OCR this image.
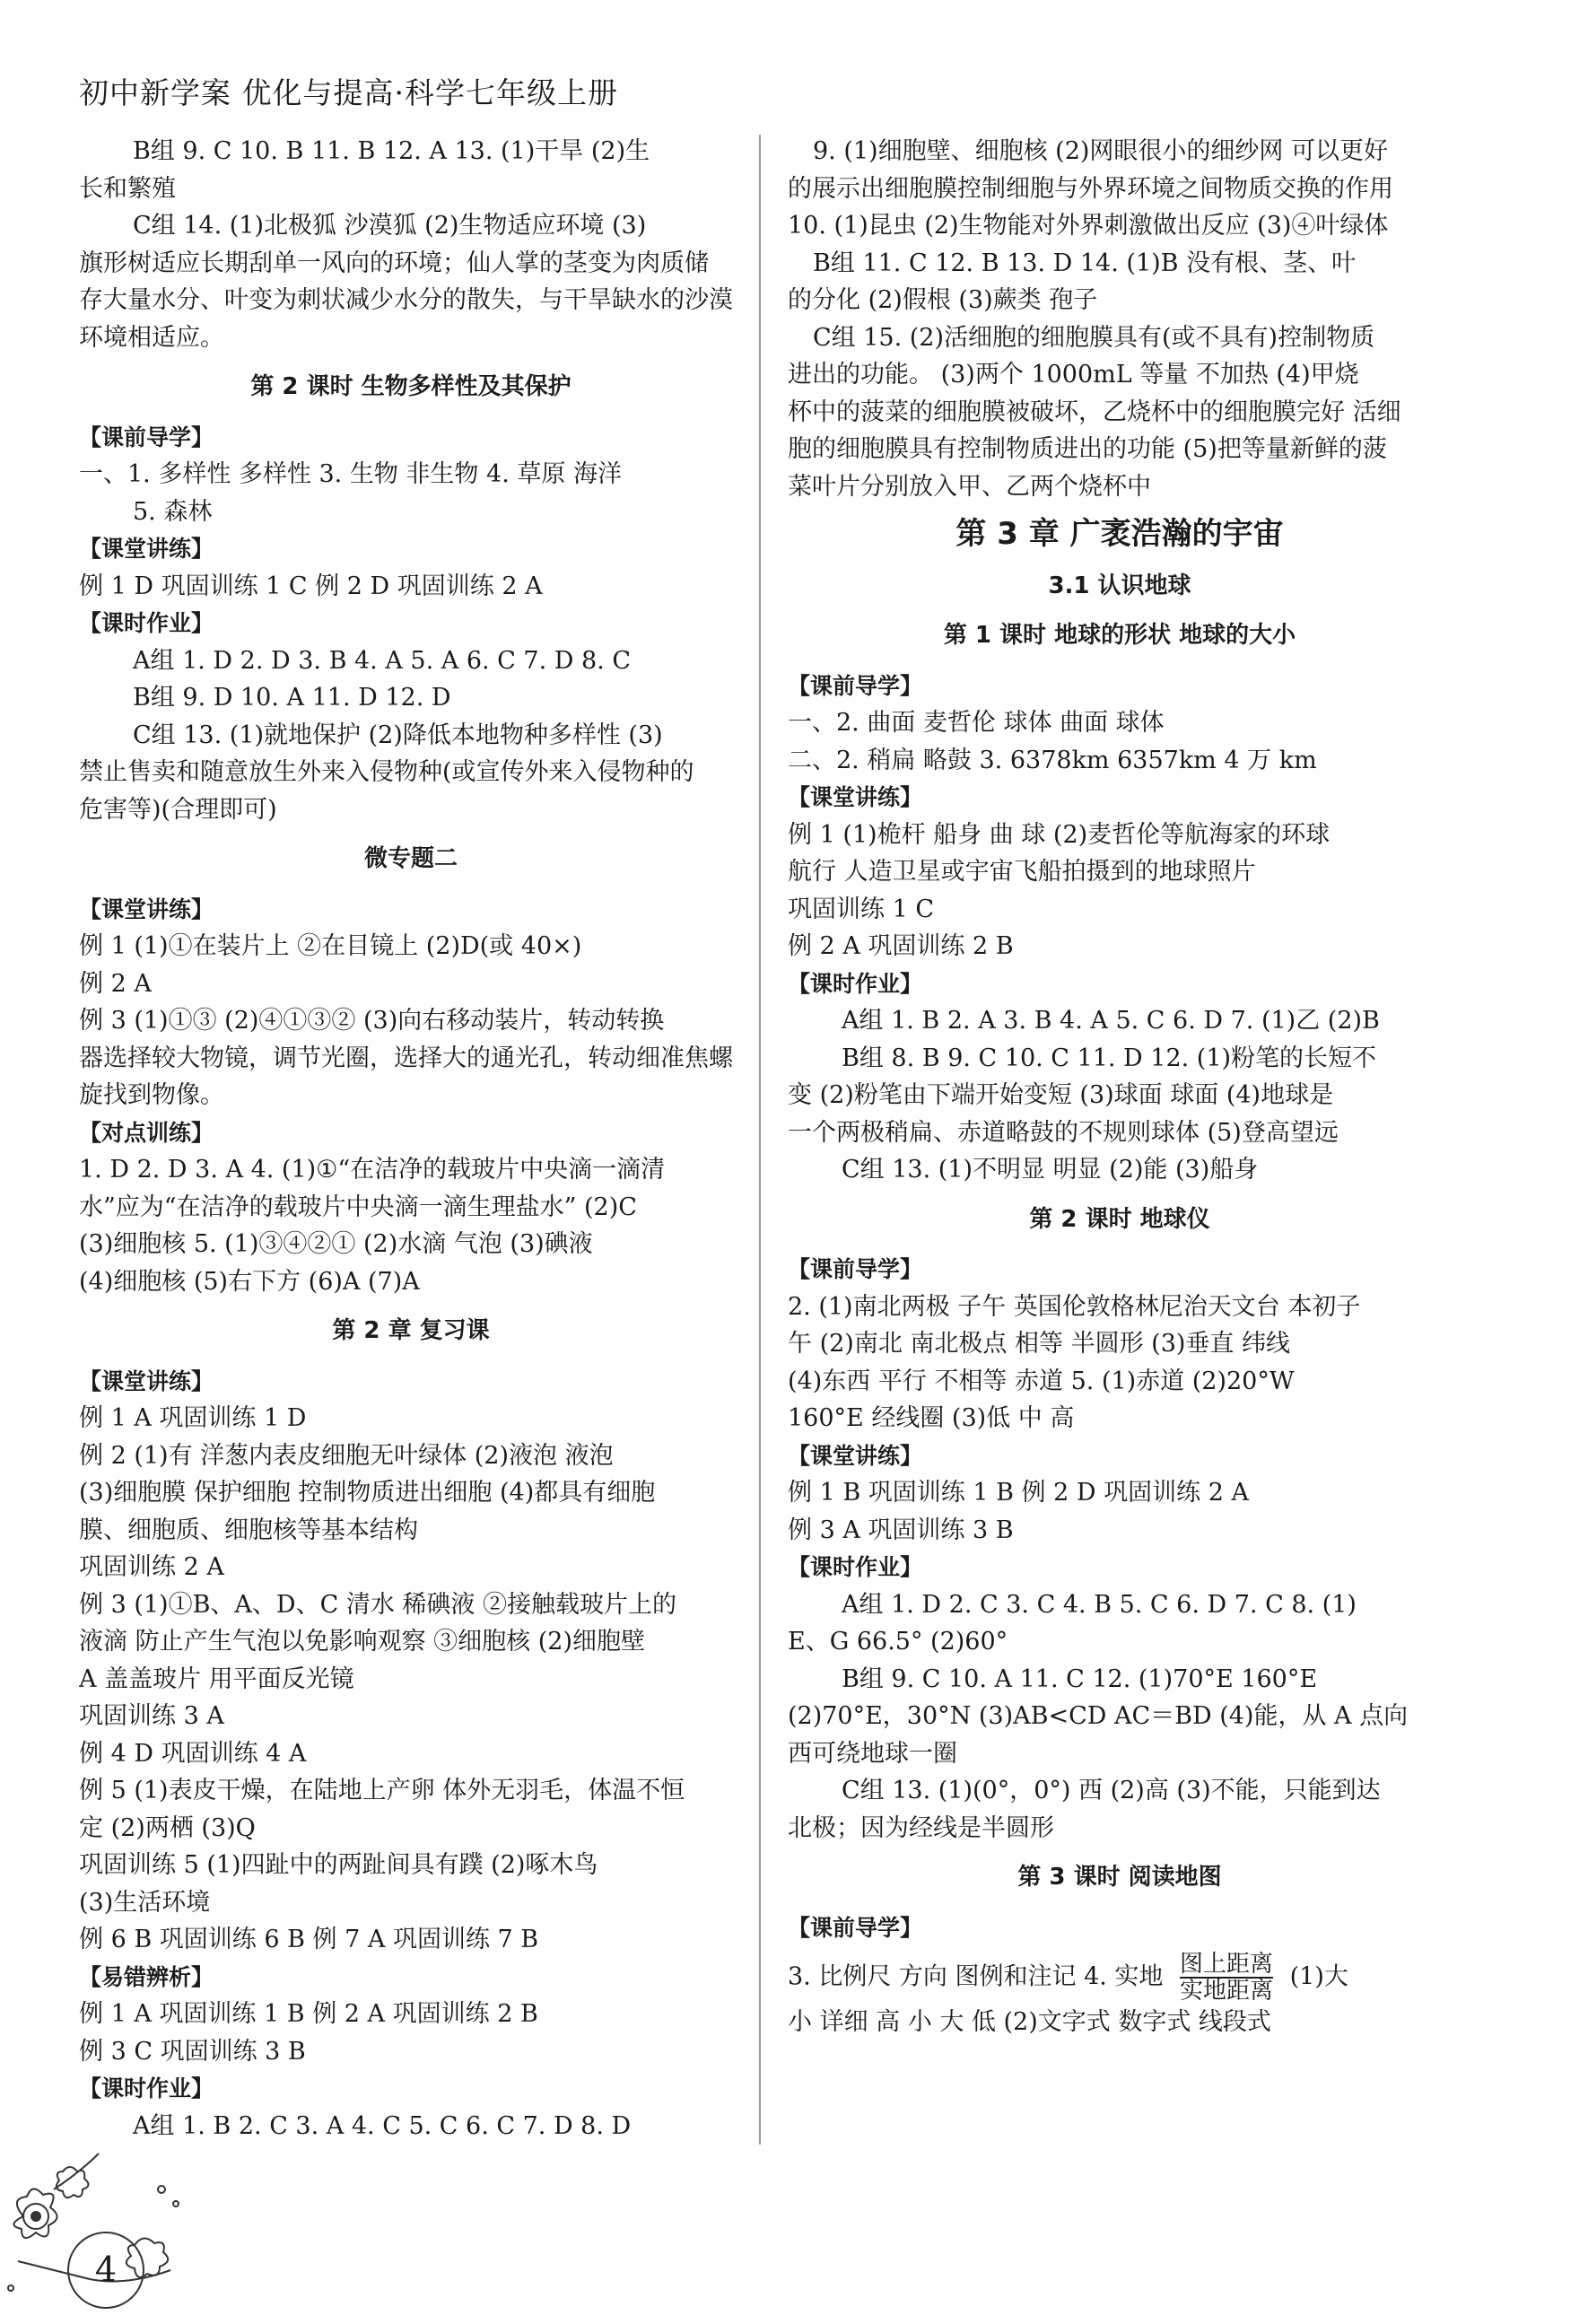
初中新学案 优化与提高·科学七年级上册

B组 9. C 10. B 11. B 12. A 13. (1)干旱 (2)生

长和繁殖

C组 14. (1)北极狐 沙漠狐 (2)生物适应环境 (3)

旗形树适应长期刮单一风向的环境；仙人掌的茎变为肉质储

存大量水分、叶变为刺状减少水分的散失，与干旱缺水的沙漠

环境相适应。

第 2 课时 生物多样性及其保护
【课前导学】

一、1. 多样性 多样性 3. 生物 非生物 4. 草原 海洋

5. 森林

【课堂讲练】

例 1 D 巩固训练 1 C 例 2 D 巩固训练 2 A

【课时作业】

A组 1. D 2. D 3. B 4. A 5. A 6. C 7. D 8. C

B组 9. D 10. A 11. D 12. D

C组 13. (1)就地保护 (2)降低本地物种多样性 (3)

禁止售卖和随意放生外来入侵物种(或宣传外来入侵物种的

危害等)(合理即可)

微专题二
【课堂讲练】

例 1 (1)①在装片上 ②在目镜上 (2)D(或 40×)

例 2 A

例 3 (1)①③ (2)④①③② (3)向右移动装片，转动转换

器选择较大物镜，调节光圈，选择大的通光孔，转动细准焦螺

旋找到物像。

【对点训练】

1. D 2. D 3. A 4. (1)①“在洁净的载玻片中央滴一滴清

水”应为“在洁净的载玻片中央滴一滴生理盐水” (2)C

(3)细胞核 5. (1)③④②① (2)水滴 气泡 (3)碘液

(4)细胞核 (5)右下方 (6)A (7)A

第 2 章 复习课
【课堂讲练】

例 1 A 巩固训练 1 D

例 2 (1)有 洋葱内表皮细胞无叶绿体 (2)液泡 液泡

(3)细胞膜 保护细胞 控制物质进出细胞 (4)都具有细胞

膜、细胞质、细胞核等基本结构

巩固训练 2 A

例 3 (1)①B、A、D、C 清水 稀碘液 ②接触载玻片上的

液滴 防止产生气泡以免影响观察 ③细胞核 (2)细胞壁

A 盖盖玻片 用平面反光镜

巩固训练 3 A

例 4 D 巩固训练 4 A

例 5 (1)表皮干燥，在陆地上产卵 体外无羽毛，体温不恒

定 (2)两栖 (3)Q

巩固训练 5 (1)四趾中的两趾间具有蹼 (2)啄木鸟

(3)生活环境

例 6 B 巩固训练 6 B 例 7 A 巩固训练 7 B

【易错辨析】

例 1 A 巩固训练 1 B 例 2 A 巩固训练 2 B

例 3 C 巩固训练 3 B

【课时作业】

A组 1. B 2. C 3. A 4. C 5. C 6. C 7. D 8. D

9. (1)细胞壁、细胞核 (2)网眼很小的细纱网 可以更好

的展示出细胞膜控制细胞与外界环境之间物质交换的作用

10. (1)昆虫 (2)生物能对外界刺激做出反应 (3)④叶绿体

B组 11. C 12. B 13. D 14. (1)B 没有根、茎、叶

的分化 (2)假根 (3)蕨类 孢子

C组 15. (2)活细胞的细胞膜具有(或不具有)控制物质

进出的功能。 (3)两个 1000mL 等量 不加热 (4)甲烧

杯中的菠菜的细胞膜被破坏，乙烧杯中的细胞膜完好 活细

胞的细胞膜具有控制物质进出的功能 (5)把等量新鲜的菠

菜叶片分别放入甲、乙两个烧杯中

第 3 章 广袤浩瀚的宇宙
3.1 认识地球
第 1 课时 地球的形状 地球的大小
【课前导学】

一、2. 曲面 麦哲伦 球体 曲面 球体

二、2. 稍扁 略鼓 3. 6378km 6357km 4 万 km

【课堂讲练】

例 1 (1)桅杆 船身 曲 球 (2)麦哲伦等航海家的环球

航行 人造卫星或宇宙飞船拍摄到的地球照片

巩固训练 1 C

例 2 A 巩固训练 2 B

【课时作业】

A组 1. B 2. A 3. B 4. A 5. C 6. D 7. (1)乙 (2)B

B组 8. B 9. C 10. C 11. D 12. (1)粉笔的长短不

变 (2)粉笔由下端开始变短 (3)球面 球面 (4)地球是

一个两极稍扁、赤道略鼓的不规则球体 (5)登高望远

C组 13. (1)不明显 明显 (2)能 (3)船身

第 2 课时 地球仪
【课前导学】

2. (1)南北两极 子午 英国伦敦格林尼治天文台 本初子

午 (2)南北 南北极点 相等 半圆形 (3)垂直 纬线

(4)东西 平行 不相等 赤道 5. (1)赤道 (2)20°W

160°E 经线圈 (3)低 中 高

【课堂讲练】

例 1 B 巩固训练 1 B 例 2 D 巩固训练 2 A

例 3 A 巩固训练 3 B

【课时作业】

A组 1. D 2. C 3. C 4. B 5. C 6. D 7. C 8. (1)

E、G 66.5° (2)60°

B组 9. C 10. A 11. C 12. (1)70°E 160°E

(2)70°E，30°N (3)AB<CD AC＝BD (4)能，从 A 点向

西可绕地球一圈

C组 13. (1)(0°，0°) 西 (2)高 (3)不能，只能到达

北极；因为经线是半圆形

第 3 课时 阅读地图
【课前导学】

3. 比例尺 方向 图例和注记 4. 实地 $\frac{\text{图上距离}}{\text{实地距离}} (1)$大

小 详细 高 小 大 低 (2)文字式 数字式 线段式

4
